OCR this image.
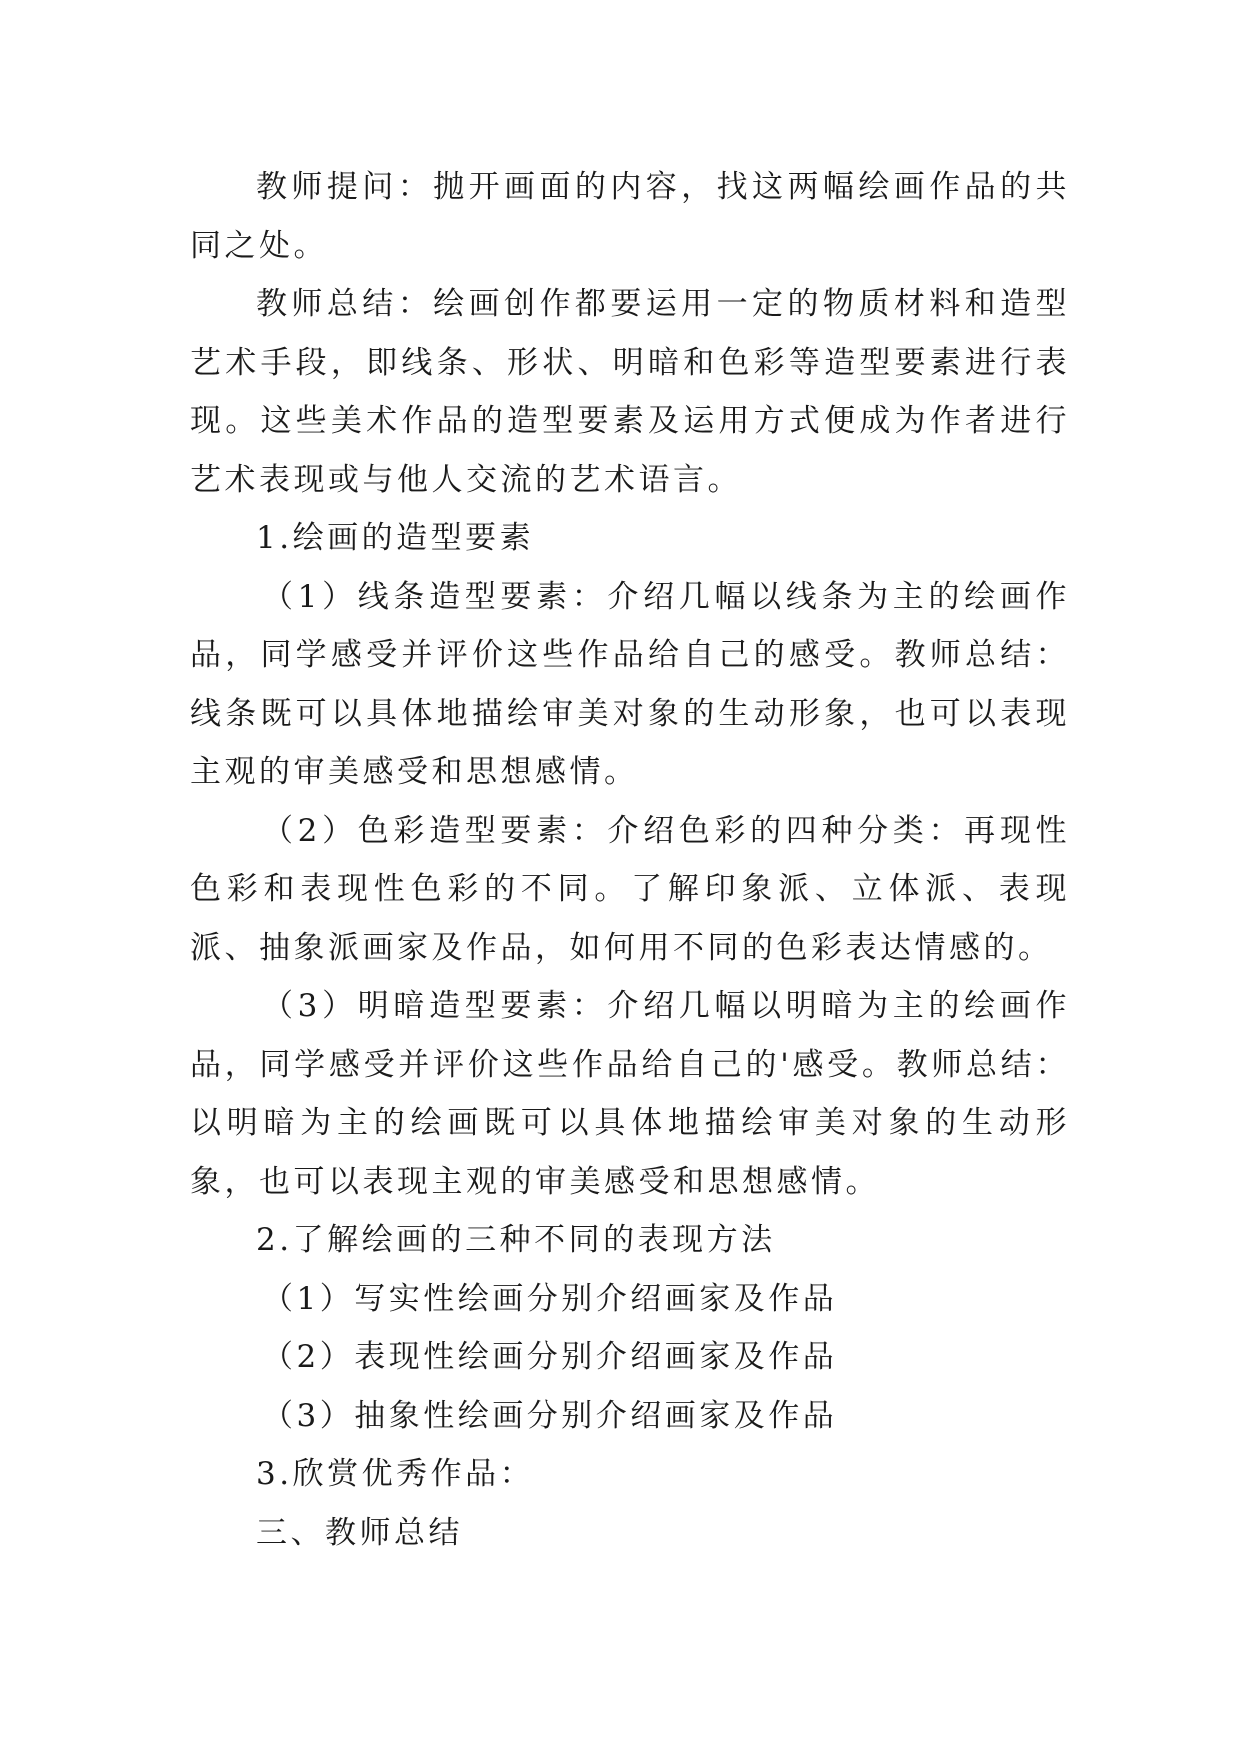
教师提问：抛开画面的内容，找这两幅绘画作品的共同之处。

教师总结：绘画创作都要运用一定的物质材料和造型艺术手段，即线条、形状、明暗和色彩等造型要素进行表现。这些美术作品的造型要素及运用方式便成为作者进行艺术表现或与他人交流的艺术语言。

1.绘画的造型要素

（1）线条造型要素：介绍几幅以线条为主的绘画作品，同学感受并评价这些作品给自己的感受。教师总结：线条既可以具体地描绘审美对象的生动形象，也可以表现主观的审美感受和思想感情。

（2）色彩造型要素：介绍色彩的四种分类：再现性色彩和表现性色彩的不同。了解印象派、立体派、表现派、抽象派画家及作品，如何用不同的色彩表达情感的。

（3）明暗造型要素：介绍几幅以明暗为主的绘画作品，同学感受并评价这些作品给自己的'感受。教师总结：以明暗为主的绘画既可以具体地描绘审美对象的生动形象，也可以表现主观的审美感受和思想感情。

2.了解绘画的三种不同的表现方法

（1）写实性绘画分别介绍画家及作品

（2）表现性绘画分别介绍画家及作品

（3）抽象性绘画分别介绍画家及作品

3.欣赏优秀作品：

三、教师总结
